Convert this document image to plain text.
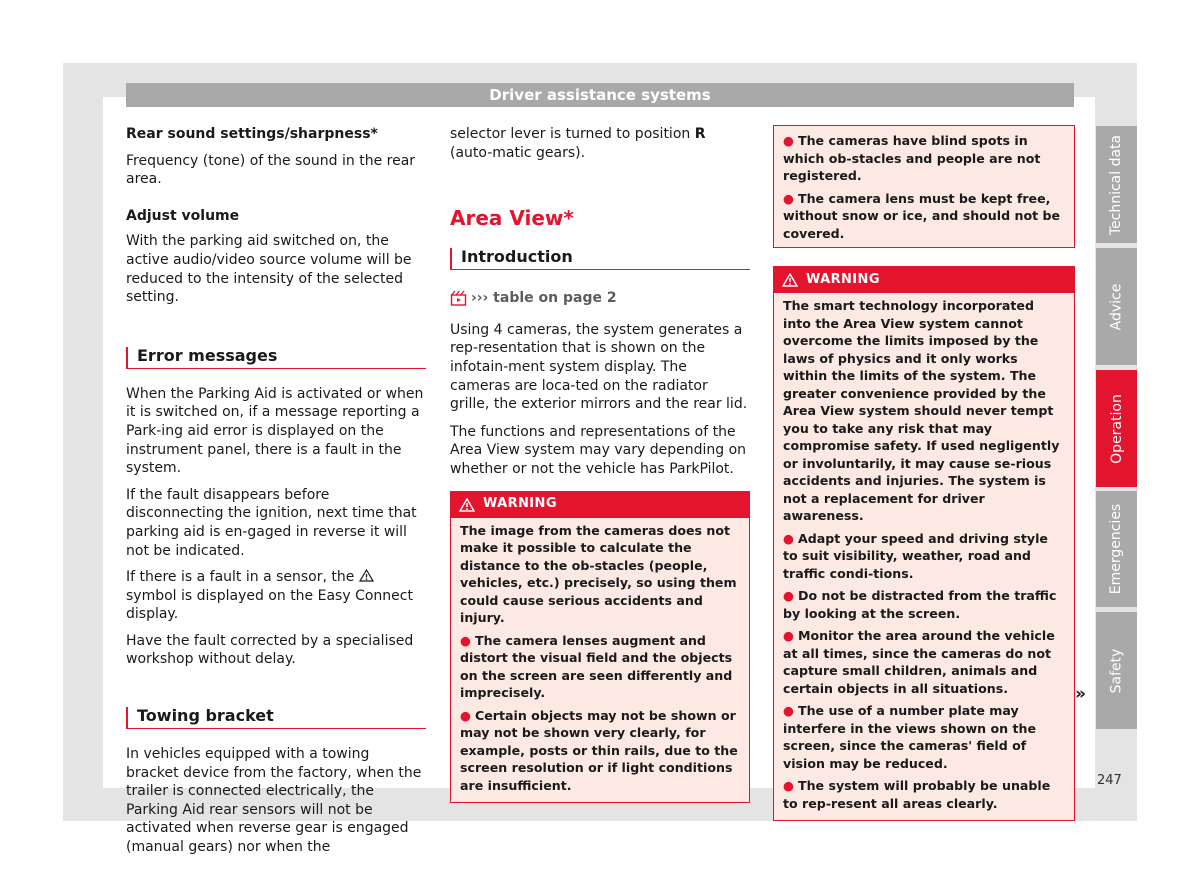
Driver assistance systems

Rear sound settings/sharpness*

Frequency (tone) of the sound in the rear area.

Adjust volume

With the parking aid switched on, the active audio/video source volume will be reduced to the intensity of the selected setting.

Error messages

When the Parking Aid is activated or when it is switched on, if a message reporting a Park-ing aid error is displayed on the instrument panel, there is a fault in the system.

If the fault disappears before disconnecting the ignition, next time that parking aid is en-gaged in reverse it will not be indicated.

If there is a fault in a sensor, the  symbol is displayed on the Easy Connect display.

Have the fault corrected by a specialised workshop without delay.

Towing bracket

In vehicles equipped with a towing bracket device from the factory, when the trailer is connected electrically, the Parking Aid rear sensors will not be activated when reverse gear is engaged (manual gears) nor when the

selector lever is turned to position R (auto-matic gears).

Area View*
Introduction
››› table on page 2

Using 4 cameras, the system generates a rep-resentation that is shown on the infotain-ment system display. The cameras are loca-ted on the radiator grille, the exterior mirrors and the rear lid.

The functions and representations of the Area View system may vary depending on whether or not the vehicle has ParkPilot.

WARNING

The image from the cameras does not make it possible to calculate the distance to the ob-stacles (people, vehicles, etc.) precisely, so using them could cause serious accidents and injury.

● The camera lenses augment and distort the visual field and the objects on the screen are seen differently and imprecisely.

● Certain objects may not be shown or may not be shown very clearly, for example, posts or thin rails, due to the screen resolution or if light conditions are insufficient.

● The cameras have blind spots in which ob-stacles and people are not registered.

● The camera lens must be kept free, without snow or ice, and should not be covered.

WARNING

The smart technology incorporated into the Area View system cannot overcome the limits imposed by the laws of physics and it only works within the limits of the system. The greater convenience provided by the Area View system should never tempt you to take any risk that may compromise safety. If used negligently or involuntarily, it may cause se-rious accidents and injuries. The system is not a replacement for driver awareness.

● Adapt your speed and driving style to suit visibility, weather, road and traffic condi-tions.

● Do not be distracted from the traffic by looking at the screen.

● Monitor the area around the vehicle at all times, since the cameras do not capture small children, animals and certain objects in all situations.

● The use of a number plate may interfere in the views shown on the screen, since the cameras' field of vision may be reduced.

● The system will probably be unable to rep-resent all areas clearly.

»
Technical data
Advice
Operation
Emergencies
Safety
247
